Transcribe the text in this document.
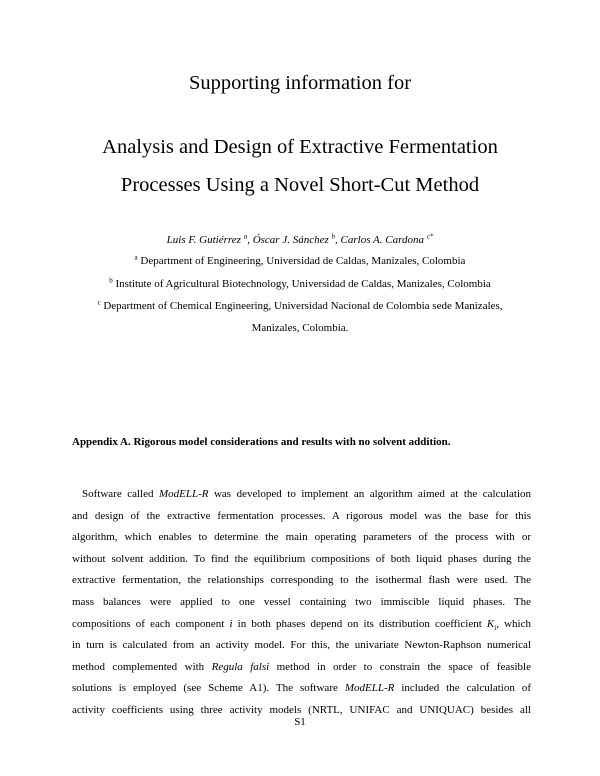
Supporting information for
Analysis and Design of Extractive Fermentation
Processes Using a Novel Short-Cut Method
Luis F. Gutiérrez $^a$, Óscar J. Sánchez $^b$, Carlos A. Cardona $^{c*}$
$^a$ Department of Engineering, Universidad de Caldas, Manizales, Colombia
$^b$ Institute of Agricultural Biotechnology, Universidad de Caldas, Manizales, Colombia
$^c$ Department of Chemical Engineering, Universidad Nacional de Colombia sede Manizales,
Manizales, Colombia.
Appendix A. Rigorous model considerations and results with no solvent addition.
Software called ModELL-R was developed to implement an algorithm aimed at the calculation
and design of the extractive fermentation processes. A rigorous model was the base for this
algorithm, which enables to determine the main operating parameters of the process with or
without solvent addition. To find the equilibrium compositions of both liquid phases during the
extractive fermentation, the relationships corresponding to the isothermal flash were used. The
mass balances were applied to one vessel containing two immiscible liquid phases. The
compositions of each component i in both phases depend on its distribution coefficient $K_i$, which
in turn is calculated from an activity model. For this, the univariate Newton-Raphson numerical
method complemented with Regula falsi method in order to constrain the space of feasible
solutions is employed (see Scheme A1). The software ModELL-R included the calculation of
activity coefficients using three activity models (NRTL, UNIFAC and UNIQUAC) besides all
S1
